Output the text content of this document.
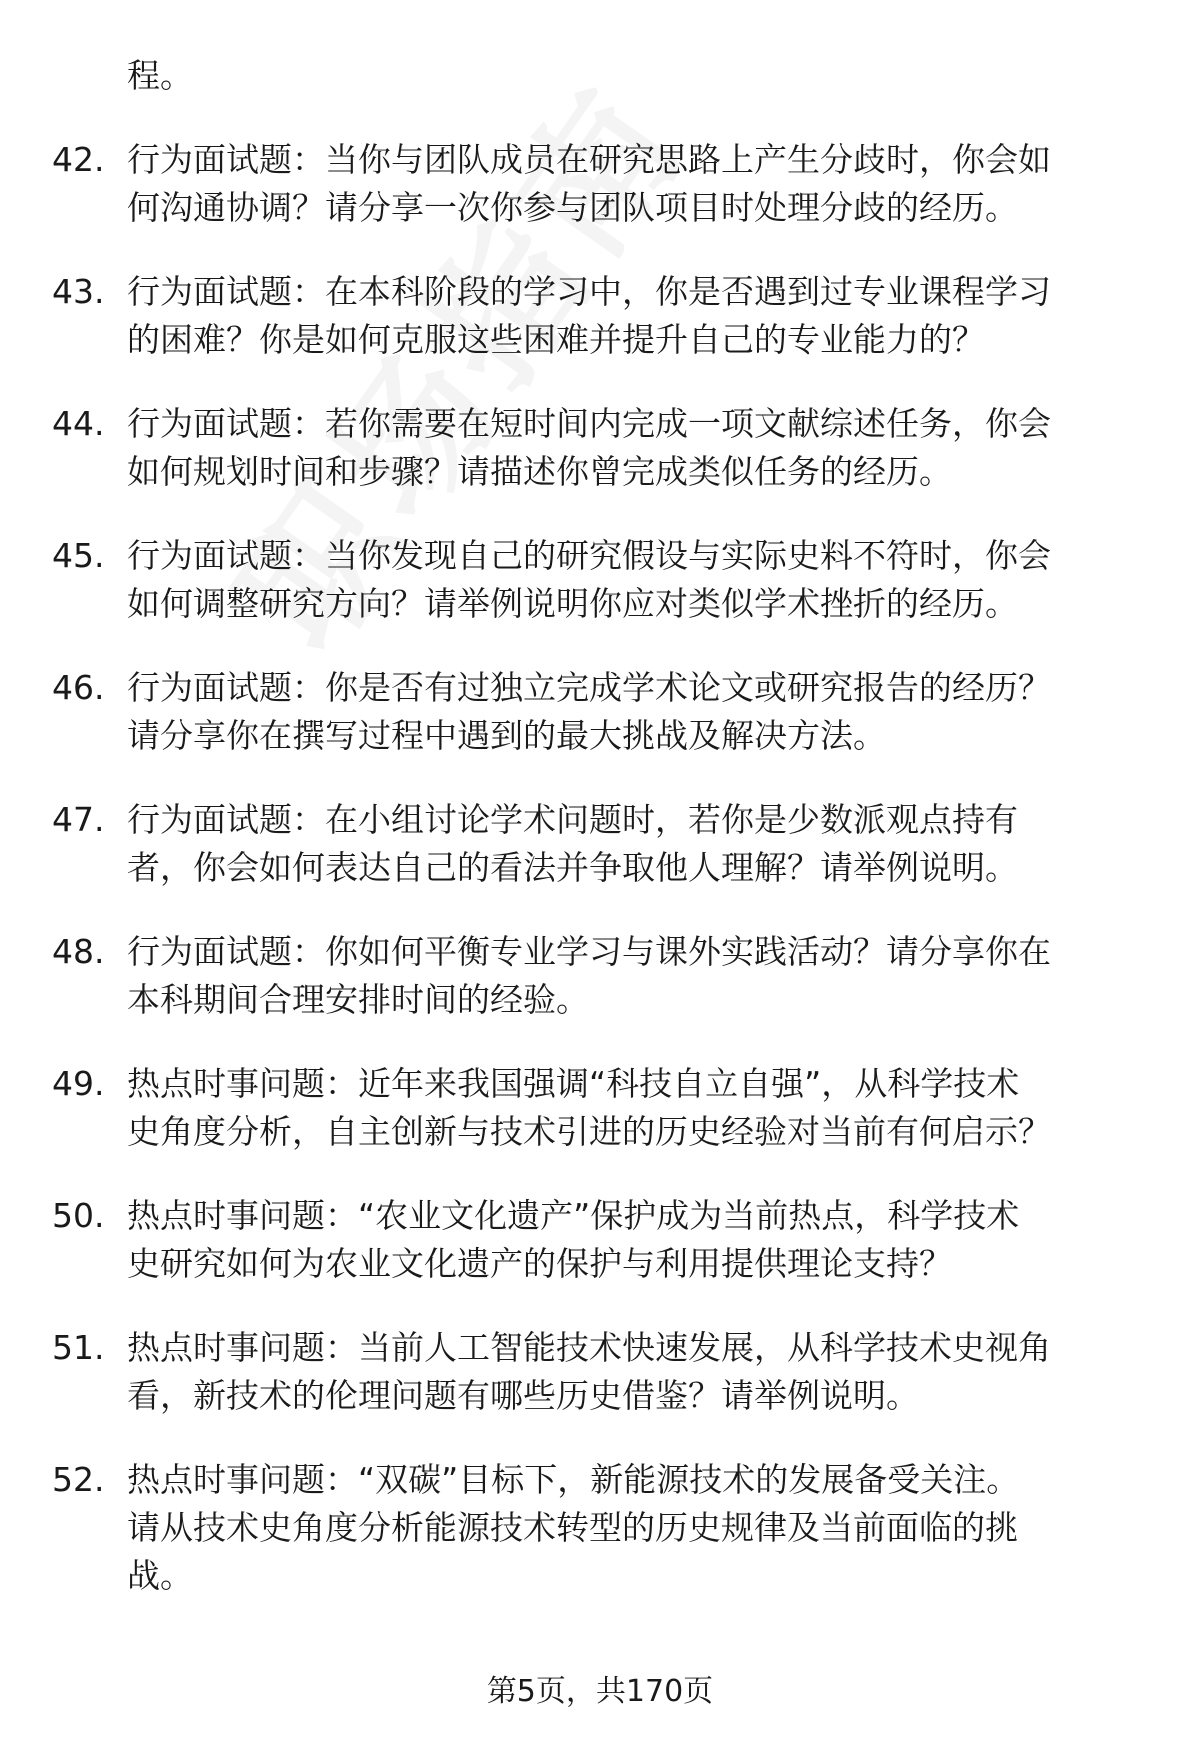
程。
42. 行为面试题：当你与团队成员在研究思路上产生分歧时，你会如
何沟通协调？请分享一次你参与团队项目时处理分歧的经历。
43. 行为面试题：在本科阶段的学习中，你是否遇到过专业课程学习
的困难？你是如何克服这些困难并提升自己的专业能力的？
44. 行为面试题：若你需要在短时间内完成一项文献综述任务，你会
如何规划时间和步骤？请描述你曾完成类似任务的经历。
45. 行为面试题：当你发现自己的研究假设与实际史料不符时，你会
如何调整研究方向？请举例说明你应对类似学术挫折的经历。
46. 行为面试题：你是否有过独立完成学术论文或研究报告的经历？
请分享你在撰写过程中遇到的最大挑战及解决方法。
47. 行为面试题：在小组讨论学术问题时，若你是少数派观点持有
者，你会如何表达自己的看法并争取他人理解？请举例说明。
48. 行为面试题：你如何平衡专业学习与课外实践活动？请分享你在
本科期间合理安排时间的经验。
49. 热点时事问题：近年来我国强调“科技自立自强”，从科学技术
史角度分析，自主创新与技术引进的历史经验对当前有何启示？
50. 热点时事问题：“农业文化遗产”保护成为当前热点，科学技术
史研究如何为农业文化遗产的保护与利用提供理论支持？
51. 热点时事问题：当前人工智能技术快速发展，从科学技术史视角
看，新技术的伦理问题有哪些历史借鉴？请举例说明。
52. 热点时事问题：“双碳”目标下，新能源技术的发展备受关注。
请从技术史角度分析能源技术转型的历史规律及当前面临的挑
战。
第5页，共170页
